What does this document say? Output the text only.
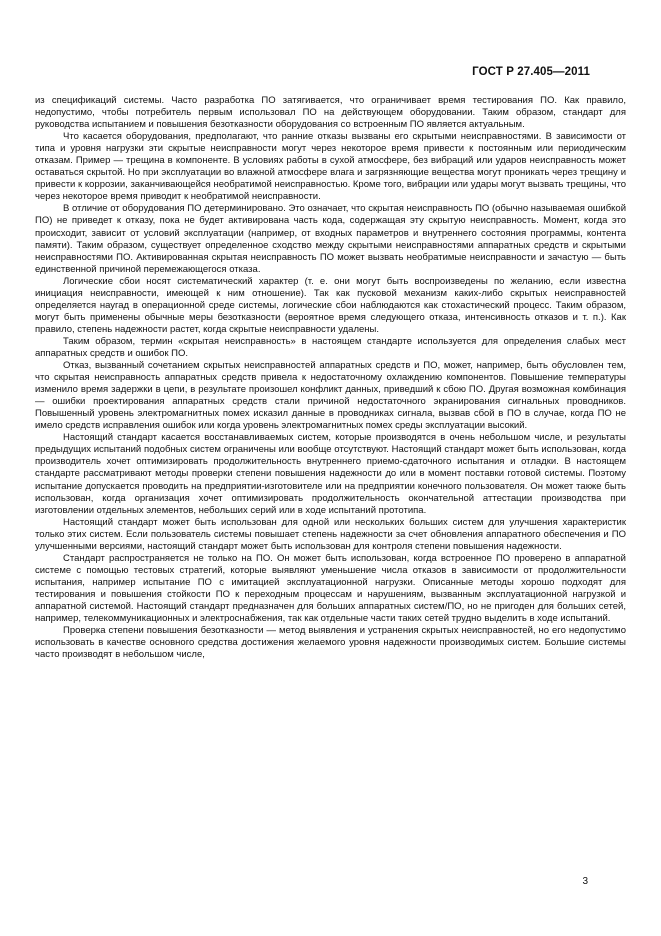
ГОСТ Р 27.405—2011

из спецификаций системы. Часто разработка ПО затягивается, что ограничивает время тестирования ПО. Как правило, недопустимо, чтобы потребитель первым использовал ПО на действующем оборудовании. Таким образом, стандарт для руководства испытанием и повышения безотказности оборудования со встроенным ПО является актуальным.

Что касается оборудования, предполагают, что ранние отказы вызваны его скрытыми неисправностями. В зависимости от типа и уровня нагрузки эти скрытые неисправности могут через некоторое время привести к постоянным или периодическим отказам. Пример — трещина в компоненте. В условиях работы в сухой атмосфере, без вибраций или ударов неисправность может оставаться скрытой. Но при эксплуатации во влажной атмосфере влага и загрязняющие вещества могут проникать через трещину и привести к коррозии, заканчивающейся необратимой неисправностью. Кроме того, вибрации или удары могут вызвать трещины, что через некоторое время приводит к необратимой неисправности.

В отличие от оборудования ПО детерминировано. Это означает, что скрытая неисправность ПО (обычно называемая ошибкой ПО) не приведет к отказу, пока не будет активирована часть кода, содержащая эту скрытую неисправность. Момент, когда это происходит, зависит от условий эксплуатации (например, от входных параметров и внутреннего состояния программы, контента памяти). Таким образом, существует определенное сходство между скрытыми неисправностями аппаратных средств и скрытыми неисправностями ПО. Активированная скрытая неисправность ПО может вызвать необратимые неисправности и зачастую — быть единственной причиной перемежающегося отказа.

Логические сбои носят систематический характер (т. е. они могут быть воспроизведены по желанию, если известна инициация неисправности, имеющей к ним отношение). Так как пусковой механизм каких-либо скрытых неисправностей определяется наугад в операционной среде системы, логические сбои наблюдаются как стохастический процесс. Таким образом, могут быть применены обычные меры безотказности (вероятное время следующего отказа, интенсивность отказов и т. п.). Как правило, степень надежности растет, когда скрытые неисправности удалены.

Таким образом, термин «скрытая неисправность» в настоящем стандарте используется для определения слабых мест аппаратных средств и ошибок ПО.

Отказ, вызванный сочетанием скрытых неисправностей аппаратных средств и ПО, может, например, быть обусловлен тем, что скрытая неисправность аппаратных средств привела к недостаточному охлаждению компонентов. Повышение температуры изменило время задержки в цепи, в результате произошел конфликт данных, приведший к сбою ПО. Другая возможная комбинация — ошибки проектирования аппаратных средств стали причиной недостаточного экранирования сигнальных проводников. Повышенный уровень электромагнитных помех исказил данные в проводниках сигнала, вызвав сбой в ПО в случае, когда ПО не имело средств исправления ошибок или когда уровень электромагнитных помех среды эксплуатации высокий.

Настоящий стандарт касается восстанавливаемых систем, которые производятся в очень небольшом числе, и результаты предыдущих испытаний подобных систем ограничены или вообще отсутствуют. Настоящий стандарт может быть использован, когда производитель хочет оптимизировать продолжительность внутреннего приемо-сдаточного испытания и отладки. В настоящем стандарте рассматривают методы проверки степени повышения надежности до или в момент поставки готовой системы. Поэтому испытание допускается проводить на предприятии-изготовителе или на предприятии конечного пользователя. Он может также быть использован, когда организация хочет оптимизировать продолжительность окончательной аттестации производства при изготовлении отдельных элементов, небольших серий или в ходе испытаний прототипа.

Настоящий стандарт может быть использован для одной или нескольких больших систем для улучшения характеристик только этих систем. Если пользователь системы повышает степень надежности за счет обновления аппаратного обеспечения и ПО улучшенными версиями, настоящий стандарт может быть использован для контроля степени повышения надежности.

Стандарт распространяется не только на ПО. Он может быть использован, когда встроенное ПО проверено в аппаратной системе с помощью тестовых стратегий, которые выявляют уменьшение числа отказов в зависимости от продолжительности испытания, например испытание ПО с имитацией эксплуатационной нагрузки. Описанные методы хорошо подходят для тестирования и повышения стойкости ПО к переходным процессам и нарушениям, вызванным эксплуатационной нагрузкой и аппаратной системой. Настоящий стандарт предназначен для больших аппаратных систем/ПО, но не пригоден для больших сетей, например, телекоммуникационных и электроснабжения, так как отдельные части таких сетей трудно выделить в ходе испытаний.

Проверка степени повышения безотказности — метод выявления и устранения скрытых неисправностей, но его недопустимо использовать в качестве основного средства достижения желаемого уровня надежности производимых систем. Большие системы часто производят в небольшом числе,

3
